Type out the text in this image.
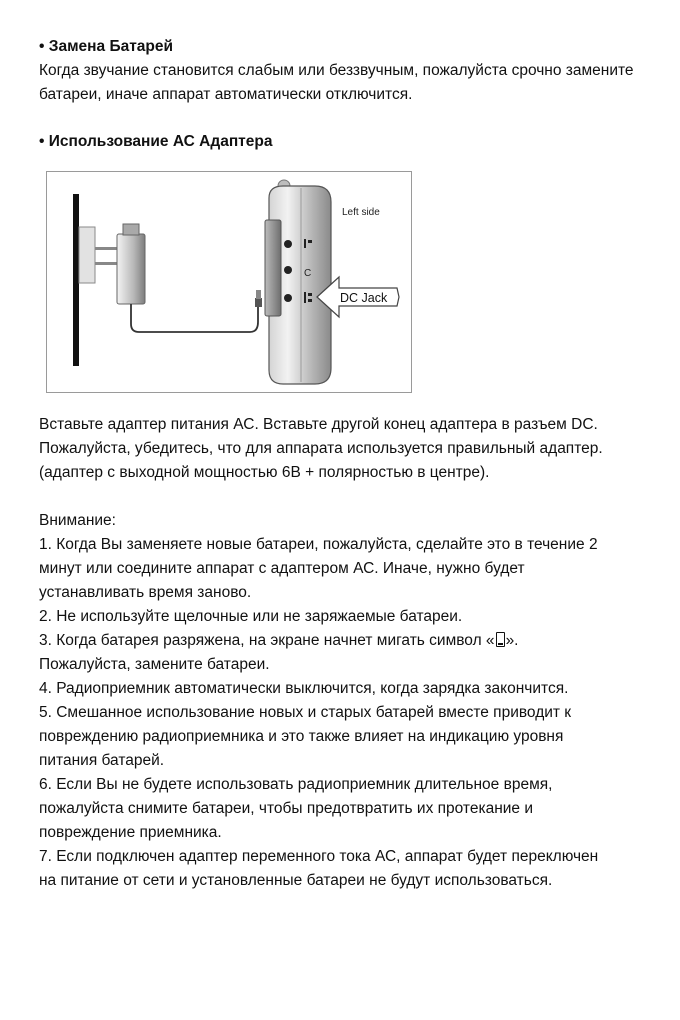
• Замена Батарей

Когда звучание становится слабым или беззвучным, пожалуйста срочно замените батареи, иначе аппарат автоматически отключится.

• Использование АС Адаптера

C
Left side
DC Jack

Вставьте адаптер питания АС. Вставьте другой конец адаптера в разъем DC.

Пожалуйста, убедитесь, что для аппарата используется правильный адаптер.

(адаптер с выходной мощностью 6В + полярностью в центре).

Внимание:

1. Когда Вы заменяете новые батареи, пожалуйста, сделайте это в течение 2
минут или соедините аппарат с адаптером АС. Иначе, нужно будет
устанавливать время заново.
2. Не используйте щелочные или не заряжаемые батареи.
3. Когда батарея разряжена, на экране начнет мигать символ « ».
Пожалуйста, замените батареи.
4. Радиоприемник автоматически выключится, когда зарядка закончится.
5. Смешанное использование новых и старых батарей вместе приводит к
повреждению радиоприемника и это также влияет на индикацию уровня
питания батарей.
6. Если Вы не будете использовать радиоприемник длительное время,
пожалуйста снимите батареи, чтобы предотвратить их протекание и
повреждение приемника.
7. Если подключен адаптер переменного тока АС, аппарат будет переключен
на питание от сети и установленные батареи не будут использоваться.
